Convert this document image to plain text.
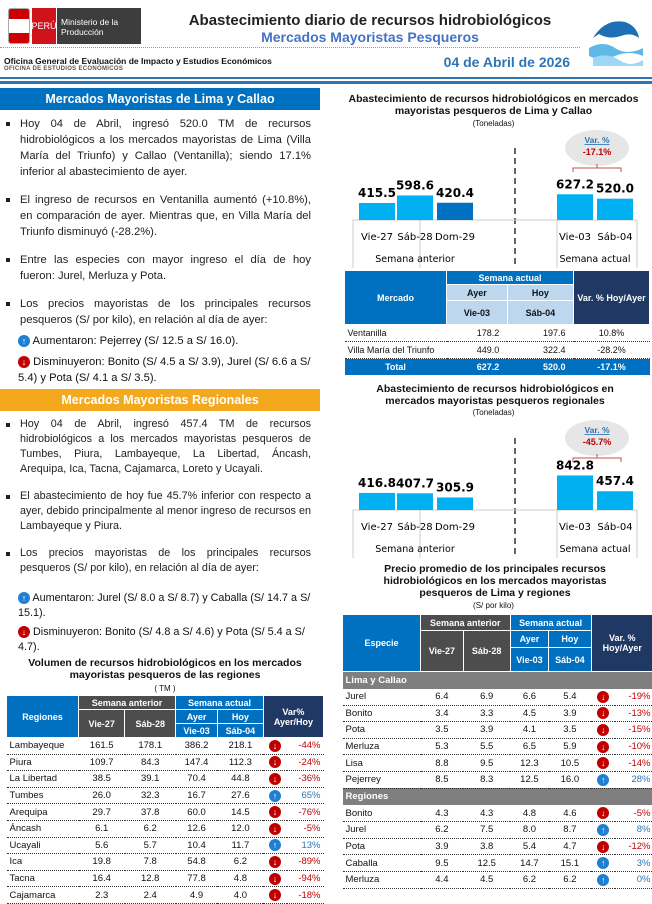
PERÚ Ministerio de la Producción
Abastecimiento diario de recursos hidrobiológicos
Mercados Mayoristas Pesqueros
Oficina General de Evaluación de Impacto y Estudios Económicos
OFICINA DE ESTUDIOS ECONÓMICOS	04 de Abril de 2026
Mercados Mayoristas de Lima y Callao
Hoy 04 de Abril, ingresó 520.0 TM de recursos hidrobiológicos a los mercados mayoristas de Lima (Villa María del Triunfo) y Callao (Ventanilla); siendo 17.1% inferior al abastecimiento de ayer.
El ingreso de recursos en Ventanilla aumentó (+10.8%), en comparación de ayer. Mientras que, en Villa María del Triunfo disminuyó (-28.2%).
Entre las especies con mayor ingreso el día de hoy fueron: Jurel, Merluza y Pota.
Los precios mayoristas de los principales recursos pesqueros (S/ por kilo), en relación al día de ayer:
↑ Aumentaron: Pejerrey (S/ 12.5 a S/ 16.0).
↓ Disminuyeron: Bonito (S/ 4.5 a S/ 3.9), Jurel (S/ 6.6 a S/ 5.4) y Pota (S/ 4.1 a S/ 3.5).
Mercados Mayoristas Regionales
Hoy 04 de Abril, ingresó 457.4 TM de recursos hidrobiológicos a los mercados mayoristas pesqueros de Tumbes, Piura, Lambayeque, La Libertad, Áncash, Arequipa, Ica, Tacna, Cajamarca, Loreto y Ucayali.
El abastecimiento de hoy fue 45.7% inferior con respecto a ayer, debido principalmente al menor ingreso de recursos en Lambayeque y Piura.
Los precios mayoristas de los principales recursos pesqueros (S/ por kilo), en relación al día de ayer:
↑ Aumentaron: Jurel (S/ 8.0 a S/ 8.7) y Caballa (S/ 14.7 a S/ 15.1).
↓ Disminuyeron: Bonito (S/ 4.8 a S/ 4.6) y Pota (S/ 5.4 a S/ 4.7).
Volumen de recursos hidrobiológicos en los mercados mayoristas pesqueros de las regiones
( TM )
Regiones	Semana anterior		Semana actual		Var% Ayer/Hoy	
	Vie-27	Sáb-28	Ayer	Hoy		
			Vie-03	Sáb-04		
Lambayeque	161.5	178.1	386.2	218.1	↓	-44%
Piura	109.7	84.3	147.4	112.3	↓	-24%
La Libertad	38.5	39.1	70.4	44.8	↓	-36%
Tumbes	26.0	32.3	16.7	27.6	↑	65%
Arequipa	29.7	37.8	60.0	14.5	↓	-76%
Áncash	6.1	6.2	12.6	12.0	↓	-5%
Ucayali	5.6	5.7	10.4	11.7	↑	13%
Ica	19.8	7.8	54.8	6.2	↓	-89%
Tacna	16.4	12.8	77.8	4.8	↓	-94%
Cajamarca	2.3	2.4	4.9	4.0	↓	-18%
Abastecimiento de recursos hidrobiológicos en mercados mayoristas pesqueros de Lima y Callao
(Toneladas)
415.5
Vie-27
598.6
Sáb-28
420.4
Dom-29
627.2
Vie-03
520.0
Sáb-04
Semana anterior	Semana actual
Var. %
-17.1%
Mercado	Semana actual		Var. % Hoy/Ayer
	Ayer	Hoy	
	Vie-03	Sáb-04	
Ventanilla	178.2	197.6	10.8%
Villa María del Triunfo	449.0	322.4	-28.2%
Total	627.2	520.0	-17.1%
Abastecimiento de recursos hidrobiológicos en mercados mayoristas pesqueros regionales
(Toneladas)
416.8
Vie-27
407.7
Sáb-28
305.9
Dom-29
842.8
Vie-03
457.4
Sáb-04
Semana anterior	Semana actual
Var. %
-45.7%
Precio promedio de los principales recursos hidrobiológicos en los mercados mayoristas pesqueros de Lima y regiones
(S/ por kilo)
Especie	Semana anterior		Semana actual		Var. % Hoy/Ayer	
	Vie-27	Sáb-28	Ayer	Hoy		
			Vie-03	Sáb-04		
Lima y Callao						
Jurel	6.4	6.9	6.6	5.4	↓	-19%
Bonito	3.4	3.3	4.5	3.9	↓	-13%
Pota	3.5	3.9	4.1	3.5	↓	-15%
Merluza	5.3	5.5	6.5	5.9	↓	-10%
Lisa	8.8	9.5	12.3	10.5	↓	-14%
Pejerrey	8.5	8.3	12.5	16.0	↑	28%
Regiones						
Bonito	4.3	4.3	4.8	4.6	↓	-5%
Jurel	6.2	7.5	8.0	8.7	↑	8%
Pota	3.9	3.8	5.4	4.7	↓	-12%
Caballa	9.5	12.5	14.7	15.1	↑	3%
Merluza	4.4	4.5	6.2	6.2	↑	0%
